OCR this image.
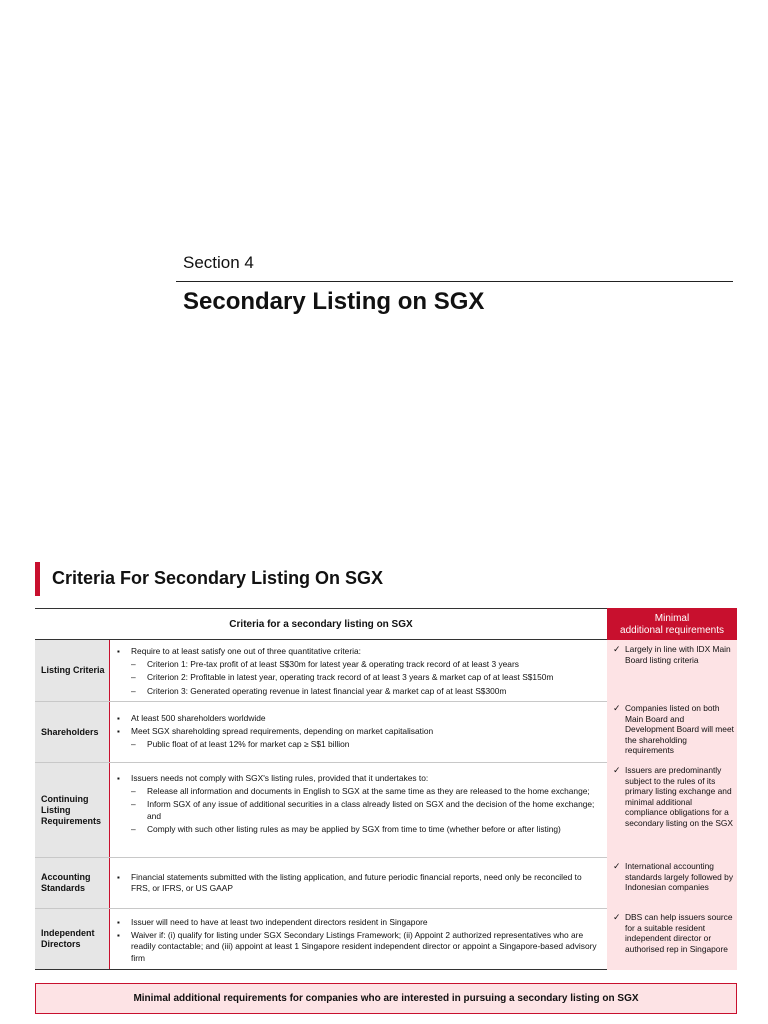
Section 4
Secondary Listing on SGX
Criteria For Secondary Listing On SGX
Criteria for a secondary listing on SGX
Minimal
additional requirements
Listing Criteria
▪ Require to at least satisfy one out of three quantitative criteria:
– Criterion 1: Pre-tax profit of at least S$30m for latest year & operating track record of at least 3 years
– Criterion 2: Profitable in latest year, operating track record of at least 3 years & market cap of at least S$150m
– Criterion 3: Generated operating revenue in latest financial year & market cap of at least S$300m
Shareholders
▪ At least 500 shareholders worldwide
▪ Meet SGX shareholding spread requirements, depending on market capitalisation
– Public float of at least 12% for market cap ≥ S$1 billion
Continuing Listing Requirements
▪ Issuers needs not comply with SGX's listing rules, provided that it undertakes to:
– Release all information and documents in English to SGX at the same time as they are released to the home exchange;
– Inform SGX of any issue of additional securities in a class already listed on SGX and the decision of the home exchange; and
– Comply with such other listing rules as may be applied by SGX from time to time (whether before or after listing)
Accounting Standards
▪ Financial statements submitted with the listing application, and future periodic financial reports, need only be reconciled to FRS, or IFRS, or US GAAP
Independent Directors
▪ Issuer will need to have at least two independent directors resident in Singapore
▪ Waiver if: (i) qualify for listing under SGX Secondary Listings Framework; (ii) Appoint 2 authorized representatives who are readily contactable; and (iii) appoint at least 1 Singapore resident independent director or appoint a Singapore-based advisory firm
✓ Largely in line with IDX Main Board listing criteria
✓ Companies listed on both Main Board and Development Board will meet the shareholding requirements
✓ Issuers are predominantly subject to the rules of its primary listing exchange and minimal additional compliance obligations for a secondary listing on the SGX
✓ International accounting standards largely followed by Indonesian companies
✓ DBS can help issuers source for a suitable resident independent director or authorised rep in Singapore
Minimal additional requirements for companies who are interested in pursuing a secondary listing on SGX
